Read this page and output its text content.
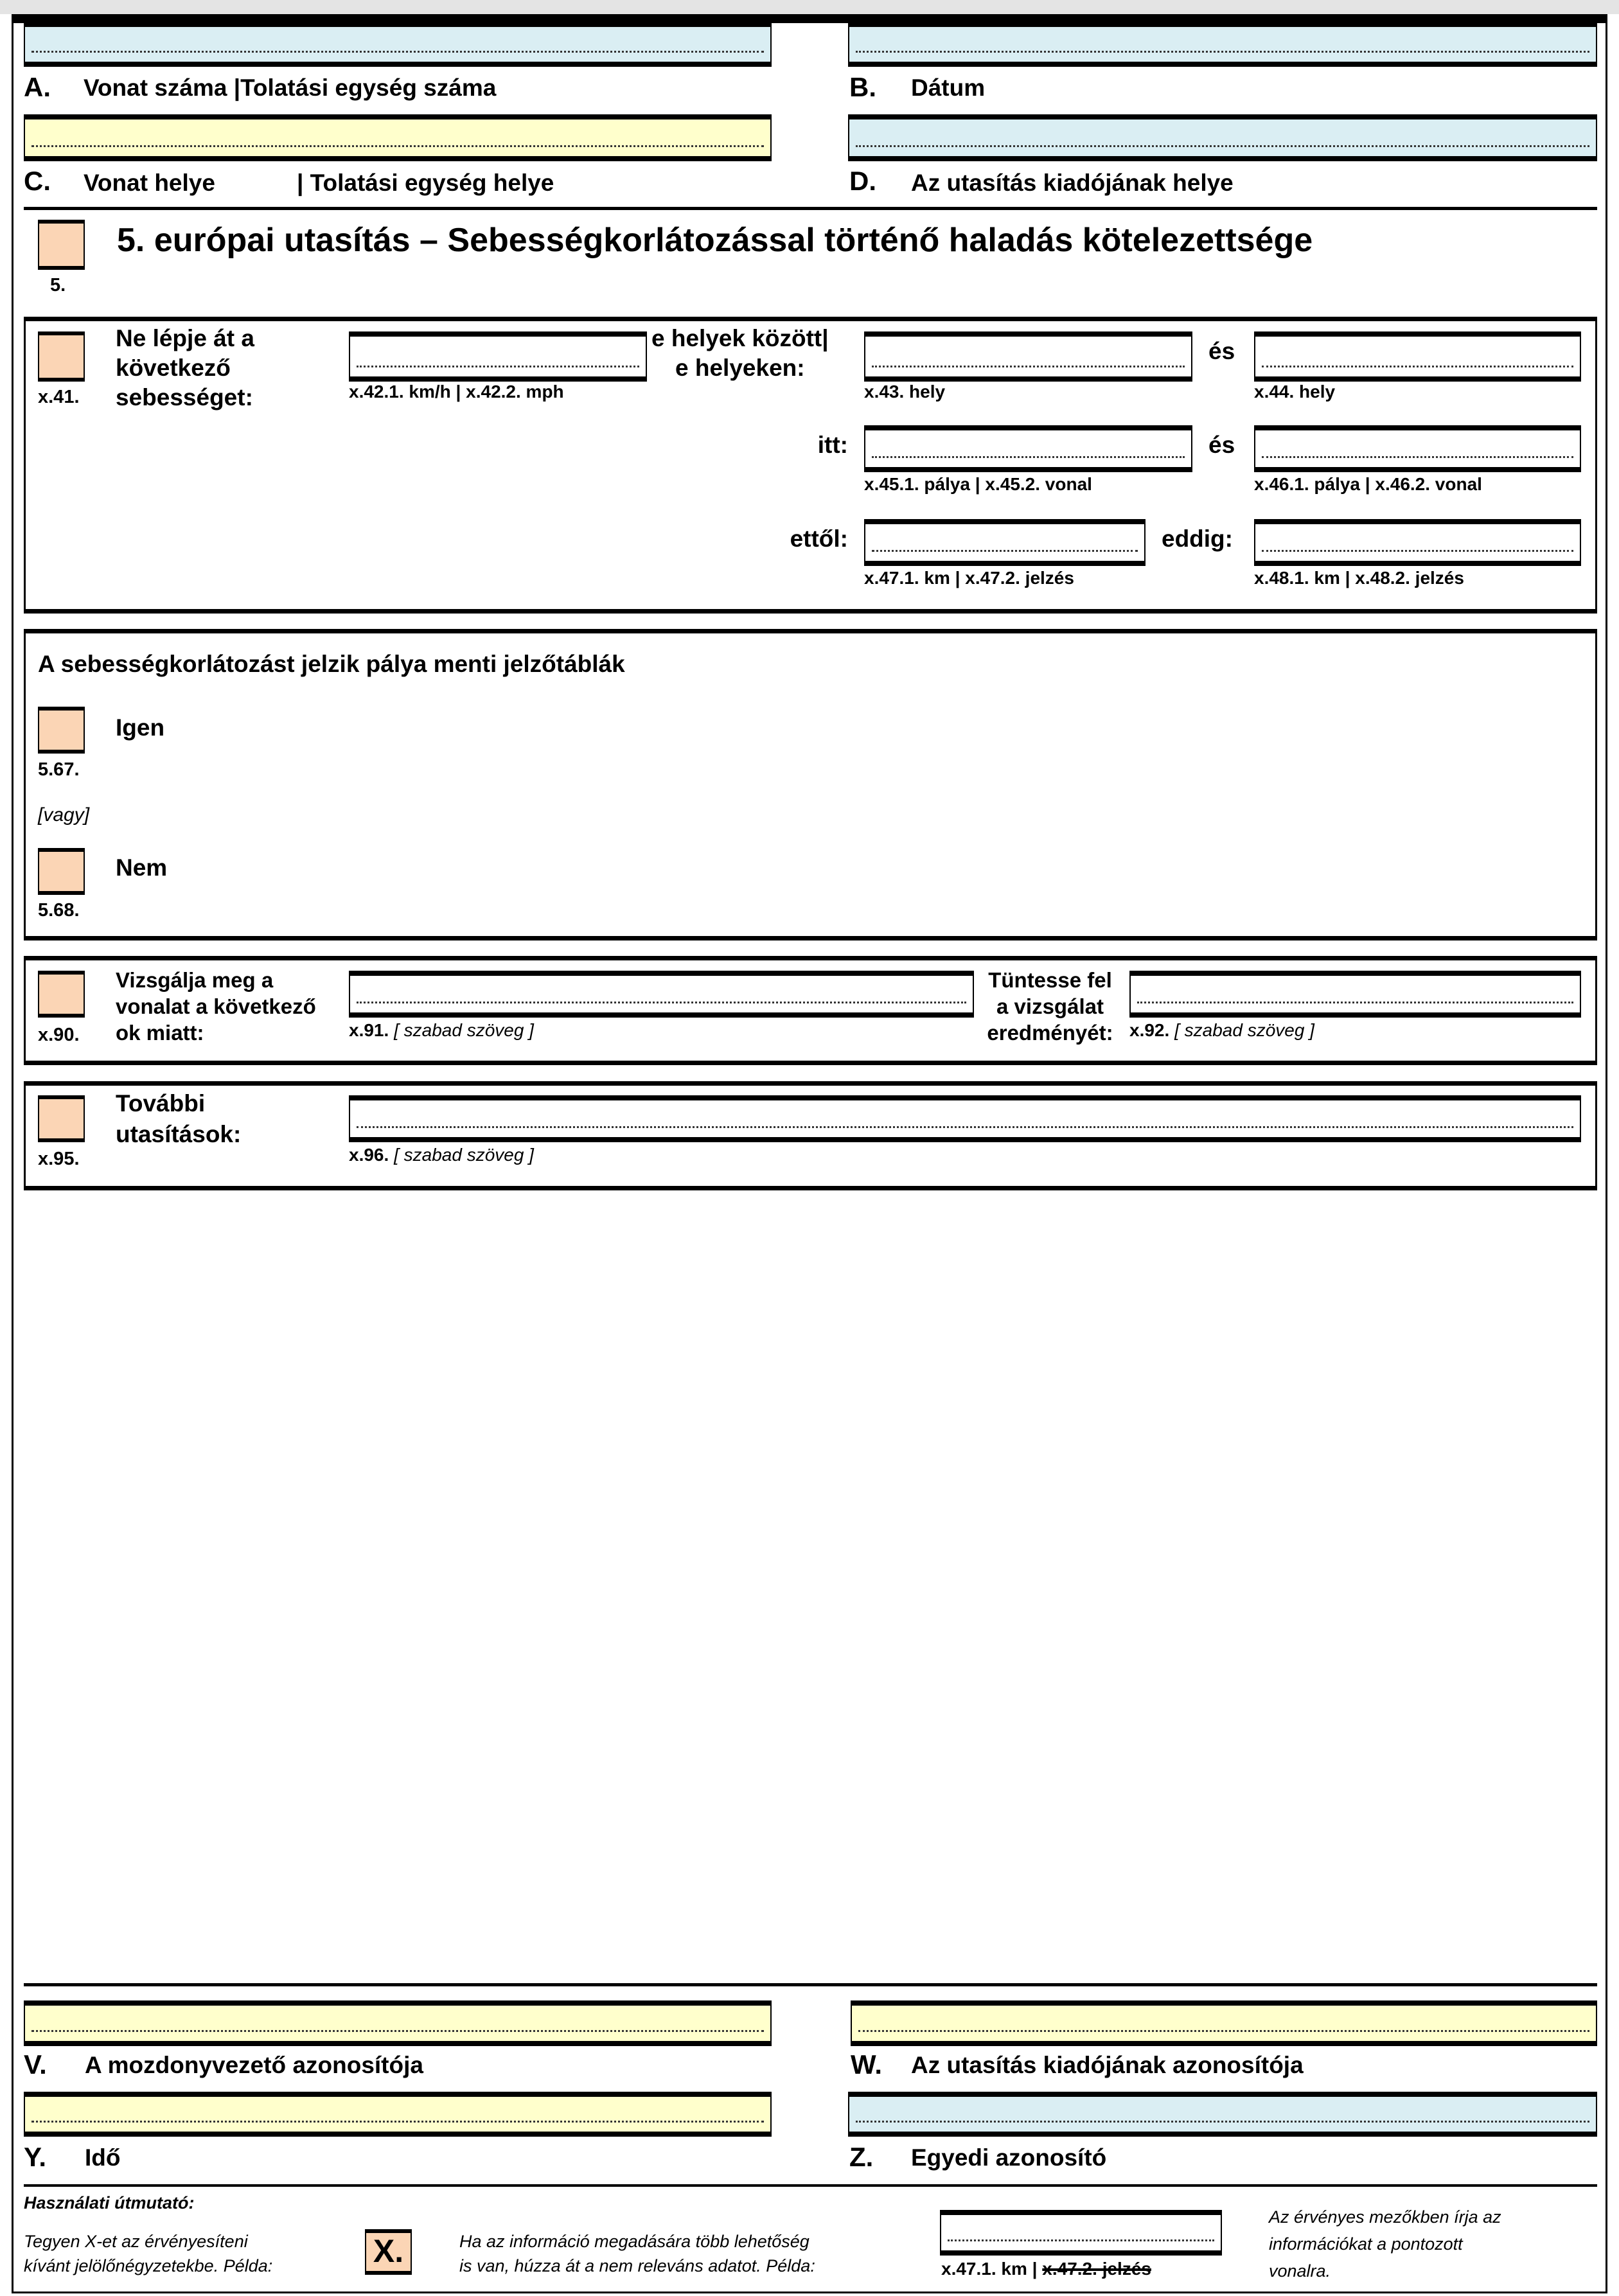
A. Vonat száma |Tolatási egység száma	B. Dátum
C. Vonat helye	| Tolatási egység helye	D. Az utasítás kiadójának helye
5.
5. európai utasítás – Sebességkorlátozással történő haladás kötelezettsége
x.41.
Ne lépje át a
következő
sebességet:	x.42.1. km/h | x.42.2. mph
e helyek között|
e helyeken:
x.43. hely
és
x.44. hely
itt:
x.45.1. pálya | x.45.2. vonal
és
x.46.1. pálya | x.46.2. vonal
ettől:
x.47.1. km | x.47.2. jelzés
eddig:
x.48.1. km | x.48.2. jelzés
A sebességkorlátozást jelzik pálya menti jelzőtáblák
5.67.
Igen
[vagy]
5.68.
Nem
x.90.
Vizsgálja meg a
vonalat a következő
ok miatt:	x.91. [ szabad szöveg ]
Tüntesse fel
a vizsgálat
eredményét: x.92. [ szabad szöveg ]
x.95.
További
utasítások:
x.96. [ szabad szöveg ]
V. A mozdonyvezető azonosítója	W. Az utasítás kiadójának azonosítója
Y. Idő	Z. Egyedi azonosító
Használati útmutató:
Tegyen X-et az érvényesíteni
kívánt jelölőnégyzetekbe. Példa:	X.	Ha az információ megadására több lehetőség
is van, húzza át a nem releváns adatot. Példa:	x.47.1. km | x.47.2. jelzés
Az érvényes mezőkben írja az
információkat a pontozott
vonalra.
